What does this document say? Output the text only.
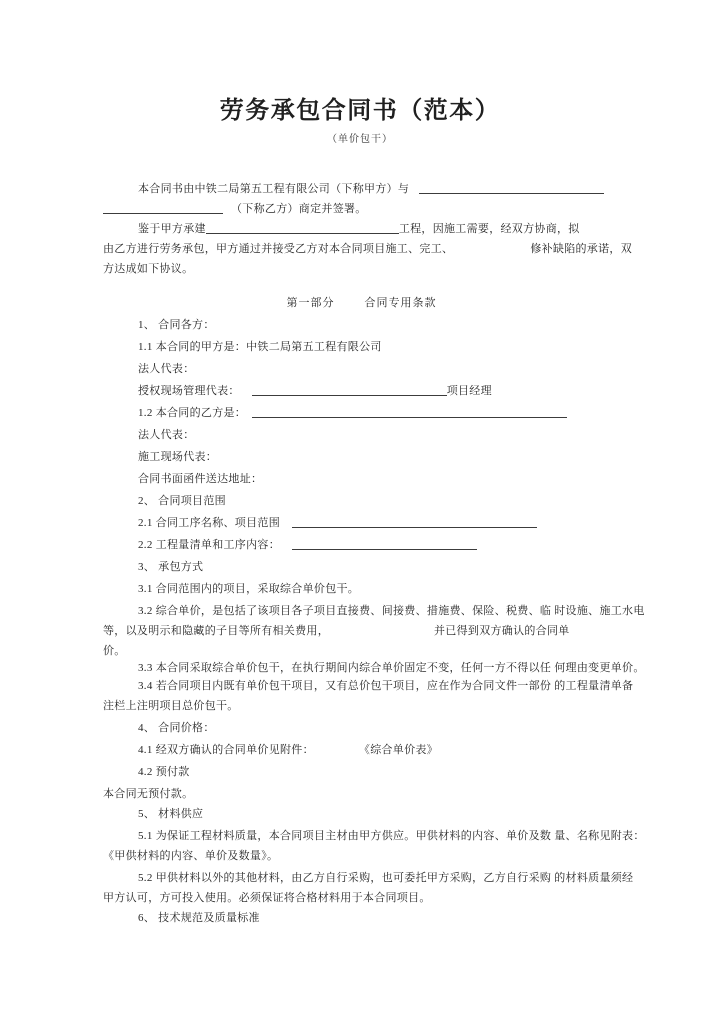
劳务承包合同书（范本）
（单价包干）
本合同书由中铁二局第五工程有限公司（下称甲方）与
（下称乙方）商定并签署。
鉴于甲方承建	工程，因施工需要，经双方协商，拟
由乙方进行劳务承包，甲方通过并接受乙方对本合同项目施工、完工、	修补缺陷的承诺，双
方达成如下协议。
第一部分	合同专用条款
1、 合同各方：
1.1 本合同的甲方是：中铁二局第五工程有限公司
法人代表：
授权现场管理代表：	项目经理
1.2 本合同的乙方是：
法人代表：
施工现场代表：
合同书面函件送达地址：
2、 合同项目范围
2.1 合同工序名称、项目范围
2.2 工程量清单和工序内容：
3、 承包方式
3.1 合同范围内的项目，采取综合单价包干。
3.2 综合单价，是包括了该项目各子项目直接费、间接费、措施费、保险、税费、临 时设施、施工水电
等，以及明示和隐藏的子目等所有相关费用，	并已得到双方确认的合同单
价。
3.3 本合同采取综合单价包干，在执行期间内综合单价固定不变，任何一方不得以任 何理由变更单价。
3.4 若合同项目内既有单价包干项目，又有总价包干项目，应在作为合同文件一部份 的工程量清单备
注栏上注明项目总价包干。
4、 合同价格：
4.1 经双方确认的合同单价见附件：	《综合单价表》
4.2 预付款
本合同无预付款。
5、 材料供应
5.1 为保证工程材料质量，本合同项目主材由甲方供应。甲供材料的内容、单价及数 量、名称见附表：
《甲供材料的内容、单价及数量》。
5.2 甲供材料以外的其他材料，由乙方自行采购，也可委托甲方采购，乙方自行采购 的材料质量须经
甲方认可，方可投入使用。必须保证将合格材料用于本合同项目。
6、 技术规范及质量标准
